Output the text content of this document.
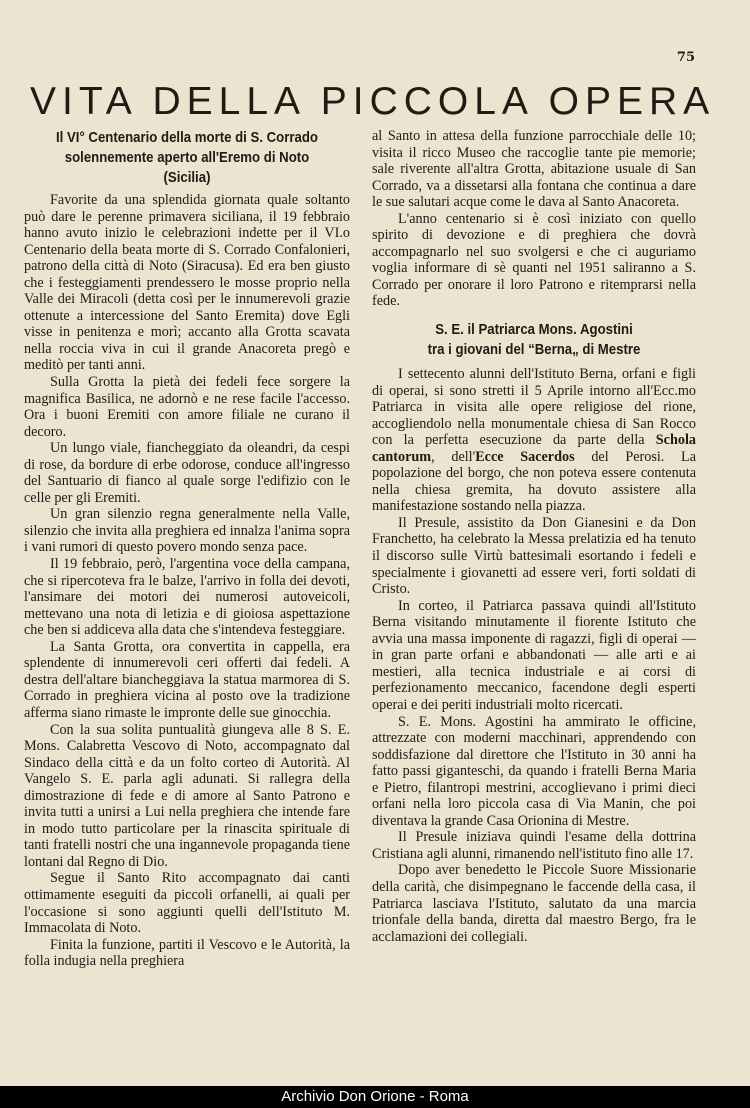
75
VITA DELLA PICCOLA OPERA
Il VI° Centenario della morte di S. Corrado
solennemente aperto all'Eremo di Noto (Sicilia)

Favorite da una splendida giornata quale soltanto può dare le perenne primavera siciliana, il 19 febbraio hanno avuto inizio le celebrazioni indette per il VI.o Centenario della beata morte di S. Corrado Confalonieri, patrono della città di Noto (Siracusa). Ed era ben giusto che i festeggiamenti prendessero le mosse proprio nella Valle dei Miracoli (detta così per le innumerevoli grazie ottenute a intercessione del Santo Eremita) dove Egli visse in penitenza e morì; accanto alla Grotta scavata nella roccia viva in cui il grande Anacoreta pregò e meditò per tanti anni.

Sulla Grotta la pietà dei fedeli fece sorgere la magnifica Basilica, ne adornò e ne rese facile l'accesso. Ora i buoni Eremiti con amore filiale ne curano il decoro.

Un lungo viale, fiancheggiato da oleandri, da cespi di rose, da bordure di erbe odorose, conduce all'ingresso del Santuario di fianco al quale sorge l'edifizio con le celle per gli Eremiti.

Un gran silenzio regna generalmente nella Valle, silenzio che invita alla preghiera ed innalza l'anima sopra i vani rumori di questo povero mondo senza pace.

Il 19 febbraio, però, l'argentina voce della campana, che si ripercoteva fra le balze, l'arrivo in folla dei devoti, l'ansimare dei motori dei numerosi autoveicoli, mettevano una nota di letizia e di gioiosa aspettazione che ben si addiceva alla data che s'intendeva festeggiare.

La Santa Grotta, ora convertita in cappella, era splendente di innumerevoli ceri offerti dai fedeli. A destra dell'altare biancheggiava la statua marmorea di S. Corrado in preghiera vicina al posto ove la tradizione afferma siano rimaste le impronte delle sue ginocchia.

Con la sua solita puntualità giungeva alle 8 S. E. Mons. Calabretta Vescovo di Noto, accompagnato dal Sindaco della città e da un folto corteo di Autorità. Al Vangelo S. E. parla agli adunati. Si rallegra della dimostrazione di fede e di amore al Santo Patrono e invita tutti a unirsi a Lui nella preghiera che intende fare in modo tutto particolare per la rinascita spirituale di tanti fratelli nostri che una ingannevole propaganda tiene lontani dal Regno di Dio.

Segue il Santo Rito accompagnato dai canti ottimamente eseguiti da piccoli orfanelli, ai quali per l'occasione si sono aggiunti quelli dell'Istituto M. Immacolata di Noto.

Finita la funzione, partiti il Vescovo e le Autorità, la folla indugia nella preghiera

al Santo in attesa della funzione parrocchiale delle 10; visita il ricco Museo che raccoglie tante pie memorie; sale riverente all'altra Grotta, abitazione usuale di San Corrado, va a dissetarsi alla fontana che continua a dare le sue salutari acque come le dava al Santo Anacoreta.

L'anno centenario si è così iniziato con quello spirito di devozione e di preghiera che dovrà accompagnarlo nel suo svolgersi e che ci auguriamo voglia informare di sè quanti nel 1951 saliranno a S. Corrado per onorare il loro Patrono e ritemprarsi nella fede.

S. E. il Patriarca Mons. Agostini
tra i giovani del “Berna„ di Mestre

I settecento alunni dell'Istituto Berna, orfani e figli di operai, si sono stretti il 5 Aprile intorno all'Ecc.mo Patriarca in visita alle opere religiose del rione, accogliendolo nella monumentale chiesa di San Rocco con la perfetta esecuzione da parte della Schola cantorum, dell'Ecce Sacerdos del Perosi. La popolazione del borgo, che non poteva essere contenuta nella chiesa gremita, ha dovuto assistere alla manifestazione sostando nella piazza.

Il Presule, assistito da Don Gianesini e da Don Franchetto, ha celebrato la Messa prelatizia ed ha tenuto il discorso sulle Virtù battesimali esortando i fedeli e specialmente i giovanetti ad essere veri, forti soldati di Cristo.

In corteo, il Patriarca passava quindi all'Istituto Berna visitando minutamente il fiorente Istituto che avvia una massa imponente di ragazzi, figli di operai — in gran parte orfani e abbandonati — alle arti e ai mestieri, alla tecnica industriale e ai corsi di perfezionamento meccanico, facendone degli esperti operai e dei periti industriali molto ricercati.

S. E. Mons. Agostini ha ammirato le officine, attrezzate con moderni macchinari, apprendendo con soddisfazione dal direttore che l'Istituto in 30 anni ha fatto passi giganteschi, da quando i fratelli Berna Maria e Pietro, filantropi mestrini, accoglievano i primi dieci orfani nella loro piccola casa di Via Manin, che poi diventava la grande Casa Orionina di Mestre.

Il Presule iniziava quindi l'esame della dottrina Cristiana agli alunni, rimanendo nell'istituto fino alle 17.

Dopo aver benedetto le Piccole Suore Missionarie della carità, che disimpegnano le faccende della casa, il Patriarca lasciava l'Istituto, salutato da una marcia trionfale della banda, diretta dal maestro Bergo, fra le acclamazioni dei collegiali.

Archivio Don Orione - Roma
